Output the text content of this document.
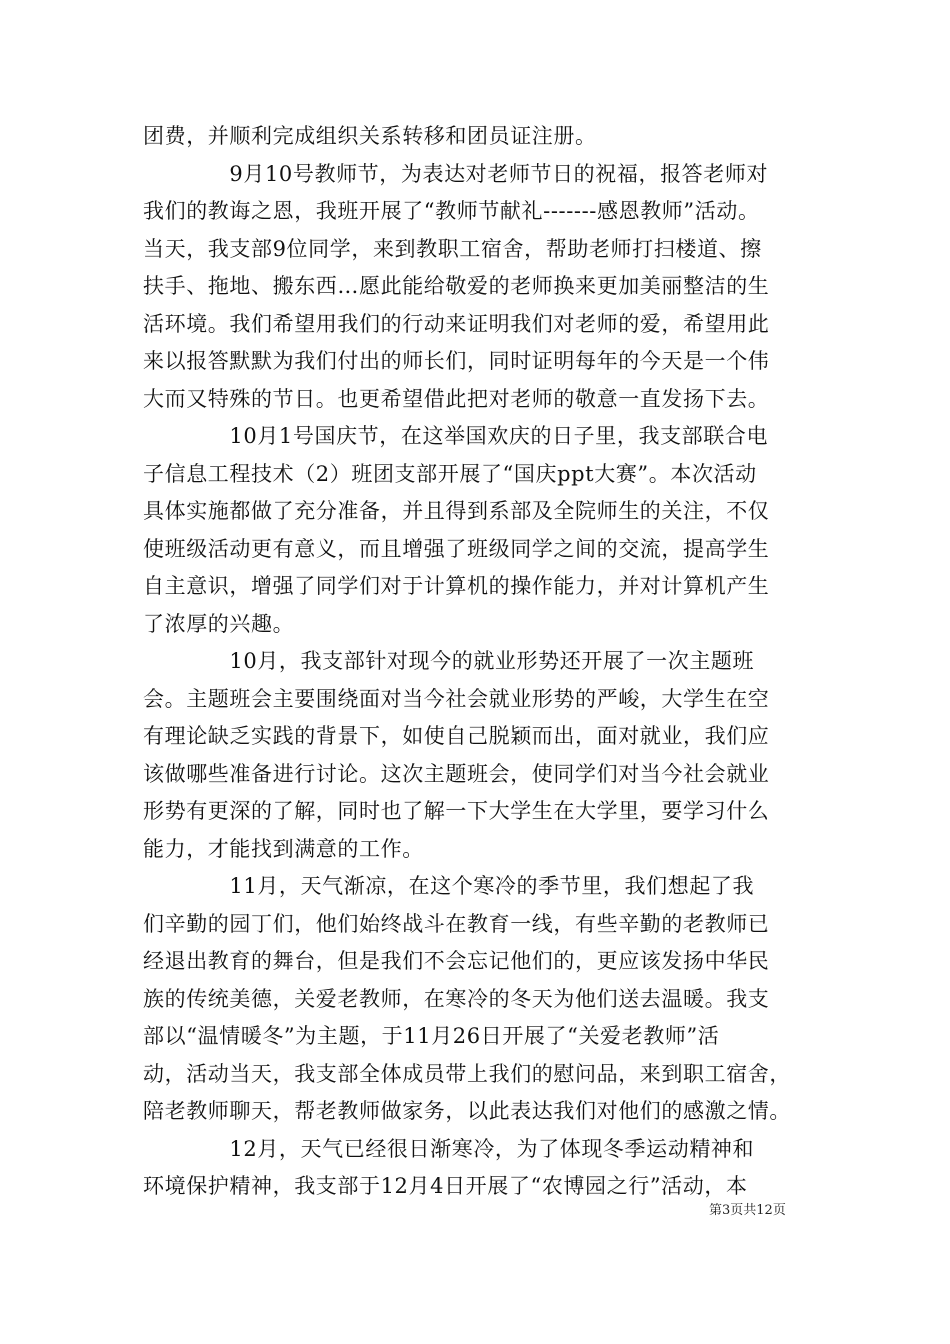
团费，并顺利完成组织关系转移和团员证注册。
　　　　9月10号教师节，为表达对老师节日的祝福，报答老师对
我们的教诲之恩，我班开展了“教师节献礼-------感恩教师”活动。
当天，我支部9位同学，来到教职工宿舍，帮助老师打扫楼道、擦
扶手、拖地、搬东西…愿此能给敬爱的老师换来更加美丽整洁的生
活环境。我们希望用我们的行动来证明我们对老师的爱，希望用此
来以报答默默为我们付出的师长们，同时证明每年的今天是一个伟
大而又特殊的节日。也更希望借此把对老师的敬意一直发扬下去。
　　　　10月1号国庆节，在这举国欢庆的日子里，我支部联合电
子信息工程技术（2）班团支部开展了“国庆ppt大赛”。本次活动
具体实施都做了充分准备，并且得到系部及全院师生的关注，不仅
使班级活动更有意义，而且增强了班级同学之间的交流，提高学生
自主意识，增强了同学们对于计算机的操作能力，并对计算机产生
了浓厚的兴趣。
　　　　10月，我支部针对现今的就业形势还开展了一次主题班
会。主题班会主要围绕面对当今社会就业形势的严峻，大学生在空
有理论缺乏实践的背景下，如使自己脱颖而出，面对就业，我们应
该做哪些准备进行讨论。这次主题班会，使同学们对当今社会就业
形势有更深的了解，同时也了解一下大学生在大学里，要学习什么
能力，才能找到满意的工作。
　　　　11月，天气渐凉，在这个寒冷的季节里，我们想起了我
们辛勤的园丁们，他们始终战斗在教育一线，有些辛勤的老教师已
经退出教育的舞台，但是我们不会忘记他们的，更应该发扬中华民
族的传统美德，关爱老教师，在寒冷的冬天为他们送去温暖。我支
部以“温情暖冬”为主题，于11月26日开展了“关爱老教师”活
动，活动当天，我支部全体成员带上我们的慰问品，来到职工宿舍，
陪老教师聊天，帮老教师做家务，以此表达我们对他们的感激之情。
　　　　12月，天气已经很日渐寒冷，为了体现冬季运动精神和
环境保护精神，我支部于12月4日开展了“农博园之行”活动，本
第3页共12页
